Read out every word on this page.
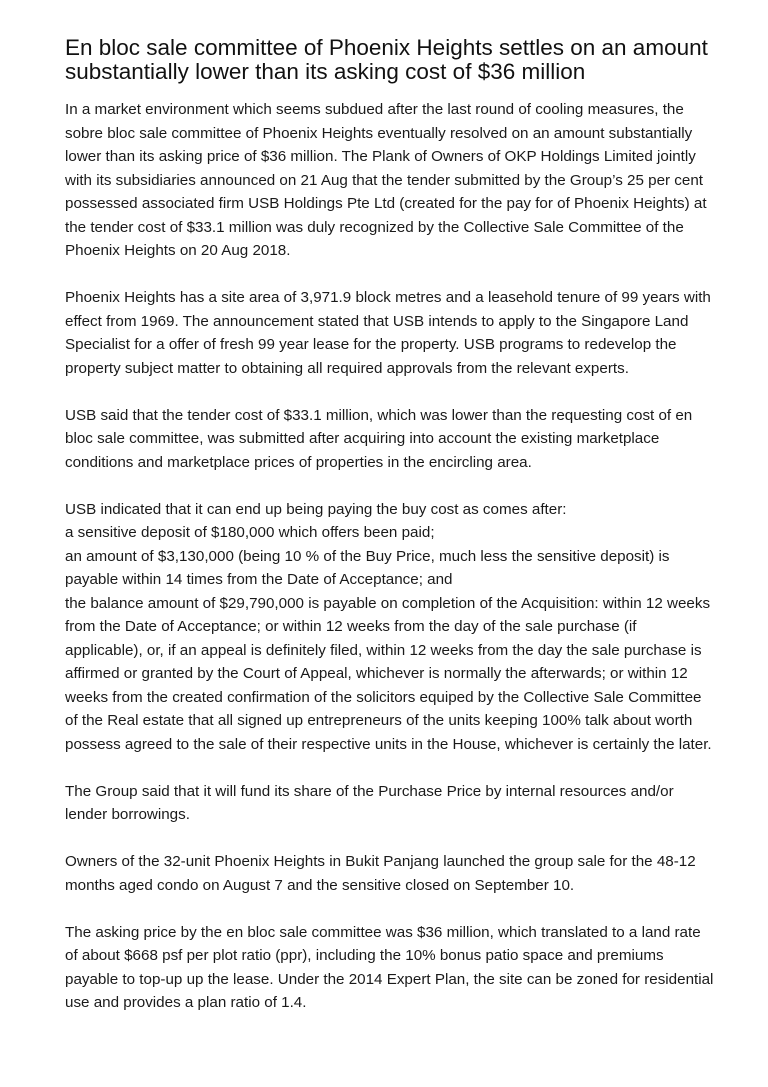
En bloc sale committee of Phoenix Heights settles on an amount substantially lower than its asking cost of $36 million

In a market environment which seems subdued after the last round of cooling measures, the sobre bloc sale committee of Phoenix Heights eventually resolved on an amount substantially lower than its asking price of $36 million. The Plank of Owners of OKP Holdings Limited jointly with its subsidiaries announced on 21 Aug that the tender submitted by the Group’s 25 per cent possessed associated firm USB Holdings Pte Ltd (created for the pay for of Phoenix Heights) at the tender cost of $33.1 million was duly recognized by the Collective Sale Committee of the Phoenix Heights on 20 Aug 2018.

Phoenix Heights has a site area of 3,971.9 block metres and a leasehold tenure of 99 years with effect from 1969. The announcement stated that USB intends to apply to the Singapore Land Specialist for a offer of fresh 99 year lease for the property. USB programs to redevelop the property subject matter to obtaining all required approvals from the relevant experts.

USB said that the tender cost of $33.1 million, which was lower than the requesting cost of en bloc sale committee, was submitted after acquiring into account the existing marketplace conditions and marketplace prices of properties in the encircling area.

USB indicated that it can end up being paying the buy cost as comes after:
a sensitive deposit of $180,000 which offers been paid;
an amount of $3,130,000 (being 10 % of the Buy Price, much less the sensitive deposit) is payable within 14 times from the Date of Acceptance; and
the balance amount of $29,790,000 is payable on completion of the Acquisition: within 12 weeks from the Date of Acceptance; or within 12 weeks from the day of the sale purchase (if applicable), or, if an appeal is definitely filed, within 12 weeks from the day the sale purchase is affirmed or granted by the Court of Appeal, whichever is normally the afterwards; or within 12 weeks from the created confirmation of the solicitors equiped by the Collective Sale Committee of the Real estate that all signed up entrepreneurs of the units keeping 100% talk about worth possess agreed to the sale of their respective units in the House, whichever is certainly the later.

The Group said that it will fund its share of the Purchase Price by internal resources and/or lender borrowings.

Owners of the 32-unit Phoenix Heights in Bukit Panjang launched the group sale for the 48-12 months aged condo on August 7 and the sensitive closed on September 10.

The asking price by the en bloc sale committee was $36 million, which translated to a land rate of about $668 psf per plot ratio (ppr), including the 10% bonus patio space and premiums payable to top-up up the lease. Under the 2014 Expert Plan, the site can be zoned for residential use and provides a plan ratio of 1.4.
